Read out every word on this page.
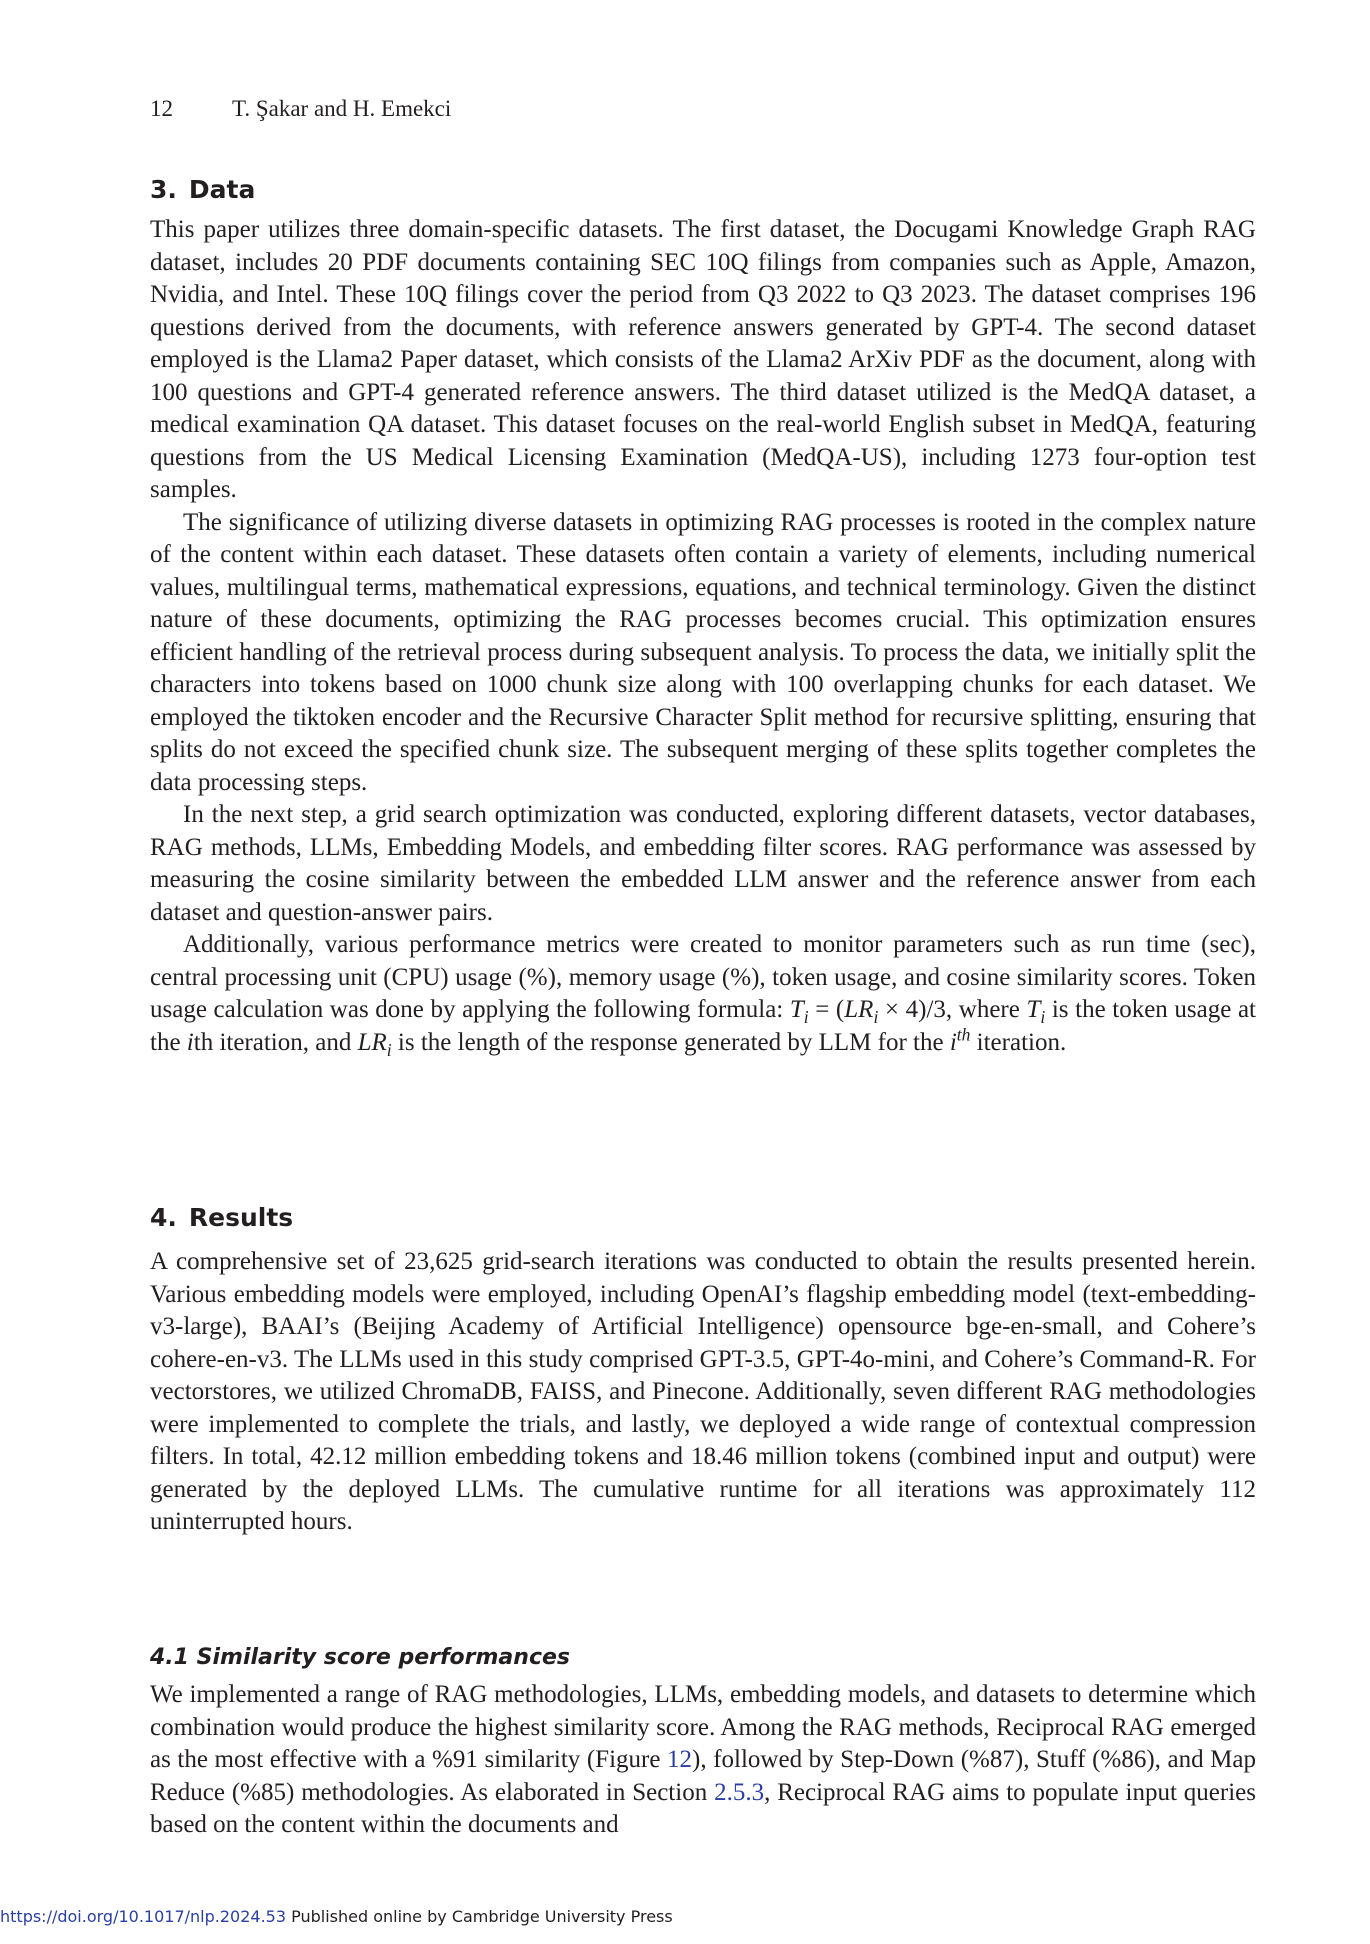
12	T. Şakar and H. Emekci
3. Data

This paper utilizes three domain-specific datasets. The first dataset, the Docugami Knowledge Graph RAG dataset, includes 20 PDF documents containing SEC 10Q filings from companies such as Apple, Amazon, Nvidia, and Intel. These 10Q filings cover the period from Q3 2022 to Q3 2023. The dataset comprises 196 questions derived from the documents, with reference answers generated by GPT-4. The second dataset employed is the Llama2 Paper dataset, which consists of the Llama2 ArXiv PDF as the document, along with 100 questions and GPT-4 generated reference answers. The third dataset utilized is the MedQA dataset, a medical examination QA dataset. This dataset focuses on the real-world English subset in MedQA, featuring questions from the US Medical Licensing Examination (MedQA-US), including 1273 four-option test samples.

The significance of utilizing diverse datasets in optimizing RAG processes is rooted in the complex nature of the content within each dataset. These datasets often contain a variety of elements, including numerical values, multilingual terms, mathematical expressions, equations, and technical terminology. Given the distinct nature of these documents, optimizing the RAG processes becomes crucial. This optimization ensures efficient handling of the retrieval process during subsequent analysis. To process the data, we initially split the characters into tokens based on 1000 chunk size along with 100 overlapping chunks for each dataset. We employed the tiktoken encoder and the Recursive Character Split method for recursive splitting, ensuring that splits do not exceed the specified chunk size. The subsequent merging of these splits together completes the data processing steps.

In the next step, a grid search optimization was conducted, exploring different datasets, vector databases, RAG methods, LLMs, Embedding Models, and embedding filter scores. RAG performance was assessed by measuring the cosine similarity between the embedded LLM answer and the reference answer from each dataset and question-answer pairs.

Additionally, various performance metrics were created to monitor parameters such as run time (sec), central processing unit (CPU) usage (%), memory usage (%), token usage, and cosine similarity scores. Token usage calculation was done by applying the following formula: $T_i = (LR_i \times 4)/3$, where $T_i$ is the token usage at the ith iteration, and $LR_i$ is the length of the response generated by LLM for the $i^{th}$ iteration.

4. Results

A comprehensive set of 23,625 grid-search iterations was conducted to obtain the results presented herein. Various embedding models were employed, including OpenAI’s flagship embedding model (text-embedding-v3-large), BAAI’s (Beijing Academy of Artificial Intelligence) opensource bge-en-small, and Cohere’s cohere-en-v3. The LLMs used in this study comprised GPT-3.5, GPT-4o-mini, and Cohere’s Command-R. For vectorstores, we utilized ChromaDB, FAISS, and Pinecone. Additionally, seven different RAG methodologies were implemented to complete the trials, and lastly, we deployed a wide range of contextual compression filters. In total, 42.12 million embedding tokens and 18.46 million tokens (combined input and output) were generated by the deployed LLMs. The cumulative runtime for all iterations was approximately 112 uninterrupted hours.

4.1 Similarity score performances

We implemented a range of RAG methodologies, LLMs, embedding models, and datasets to determine which combination would produce the highest similarity score. Among the RAG methods, Reciprocal RAG emerged as the most effective with a %91 similarity (Figure 12), followed by Step-Down (%87), Stuff (%86), and Map Reduce (%85) methodologies. As elaborated in Section 2.5.3, Reciprocal RAG aims to populate input queries based on the content within the documents and

https://doi.org/10.1017/nlp.2024.53 Published online by Cambridge University Press
